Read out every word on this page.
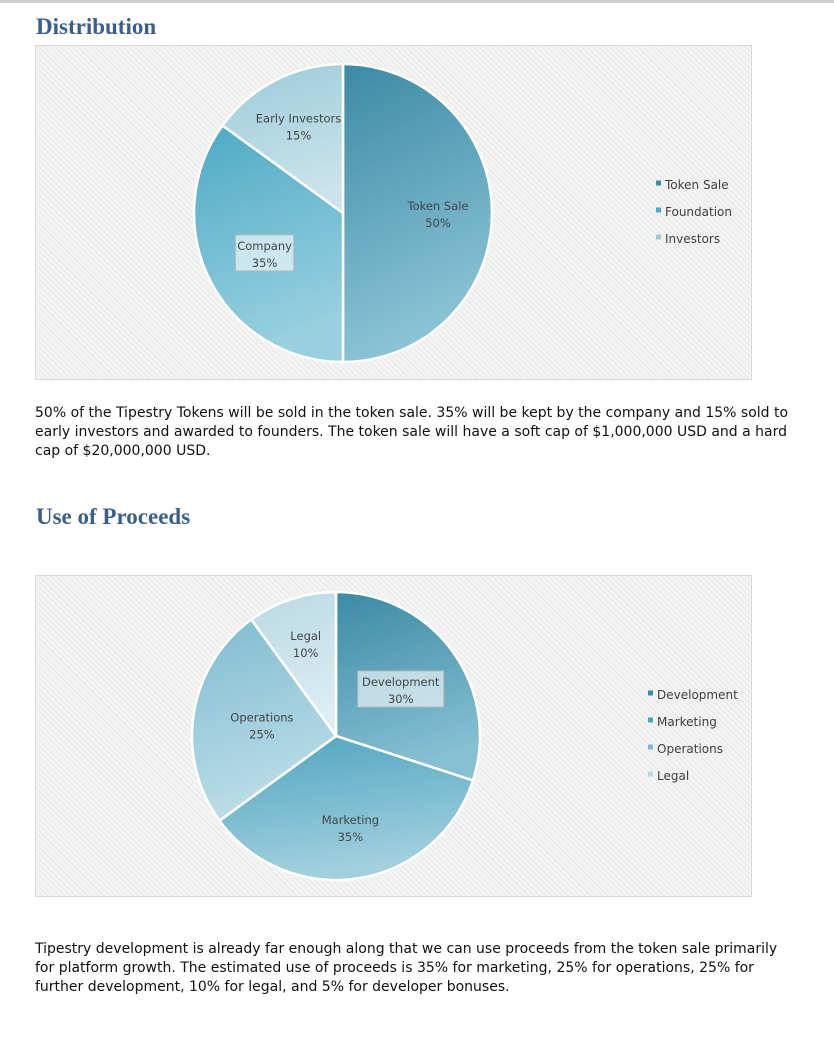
Distribution
Token Sale
50%
Company
35%
Early Investors
15%
Token Sale
Foundation
Investors

50% of the Tipestry Tokens will be sold in the token sale. 35% will be kept by the company and 15% sold to early investors and awarded to founders. The token sale will have a soft cap of $1,000,000 USD and a hard cap of $20,000,000 USD.

Use of Proceeds
Development
30%
Marketing
35%
Operations
25%
Legal
10%
Development
Marketing
Operations
Legal

Tipestry development is already far enough along that we can use proceeds from the token sale primarily for platform growth. The estimated use of proceeds is 35% for marketing, 25% for operations, 25% for further development, 10% for legal, and 5% for developer bonuses.
